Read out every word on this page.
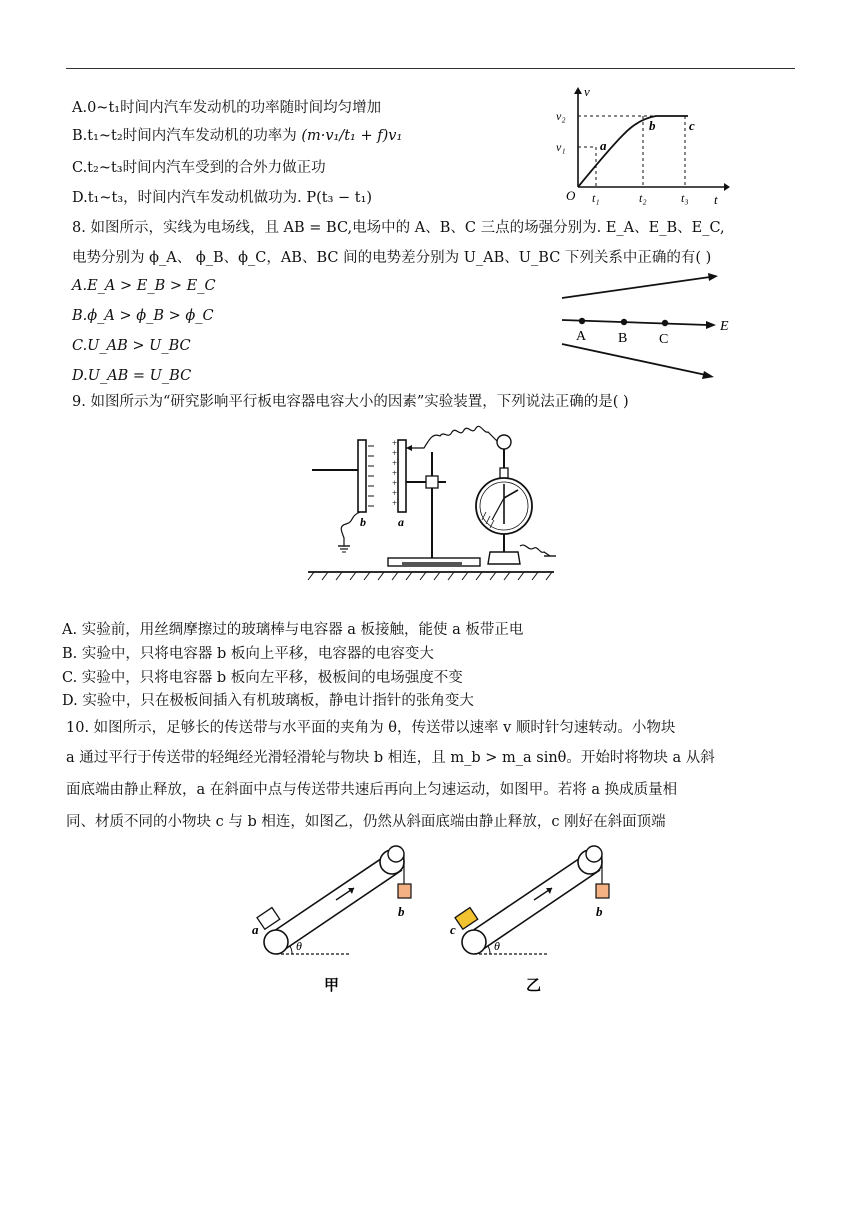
A.0~t₁时间内汽车发动机的功率随时间均匀增加
B.t₁~t₂时间内汽车发动机的功率为 (m·v₁/t₁ + f)v₁
C.t₂~t₃时间内汽车受到的合外力做正功
D.t₁~t₃，时间内汽车发动机做功为. P(t₃ − t₁)
v
t
O
v₂
v₁
t₁	t₂	t₃
a
b	c
8. 如图所示，实线为电场线，且 AB = BC,电场中的 A、B、C 三点的场强分别为. E_A、E_B、E_C,
电势分别为 ϕ_A、 ϕ_B、ϕ_C，AB、BC 间的电势差分别为 U_AB、U_BC 下列关系中正确的有( )
A.E_A > E_B > E_C
B.ϕ_A > ϕ_B > ϕ_C
C.U_AB > U_BC
D.U_AB = U_BC
A B C
E
9. 如图所示为“研究影响平行板电容器电容大小的因素”实验装置，下列说法正确的是( )
b
+
+
+
+
+
+
+
a
A. 实验前，用丝绸摩擦过的玻璃棒与电容器 a 板接触，能使 a 板带正电
B. 实验中，只将电容器 b 板向上平移，电容器的电容变大
C. 实验中，只将电容器 b 板向左平移，极板间的电场强度不变
D. 实验中，只在极板间插入有机玻璃板，静电计指针的张角变大
10. 如图所示，足够长的传送带与水平面的夹角为 θ，传送带以速率 v 顺时针匀速转动。小物块
a 通过平行于传送带的轻绳经光滑轻滑轮与物块 b 相连，且 m_b > m_a sinθ。开始时将物块 a 从斜
面底端由静止释放，a 在斜面中点与传送带共速后再向上匀速运动，如图甲。若将 a 换成质量相
同、材质不同的小物块 c 与 b 相连，如图乙，仍然从斜面底端由静止释放，c 刚好在斜面顶端
b
a
θ
甲
b
c
θ
乙
